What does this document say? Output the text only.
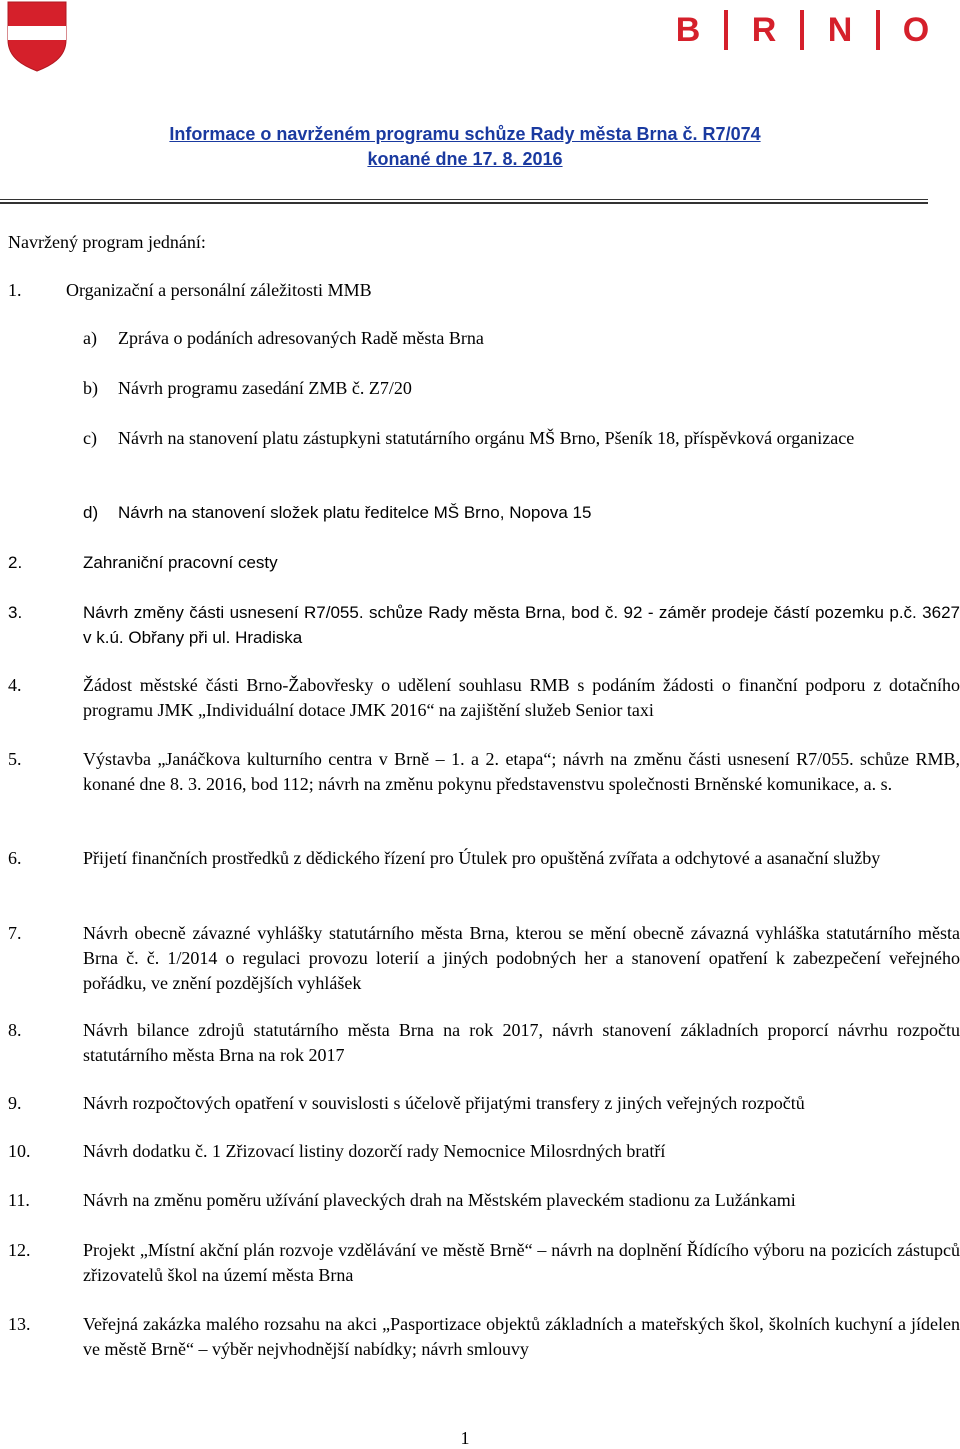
B R N O
Informace o navrženém programu schůze Rady města Brna č. R7/074
konané dne 17. 8. 2016
Navržený program jednání:
1. Organizační a personální záležitosti MMB
a) Zpráva o podáních adresovaných Radě města Brna
b) Návrh programu zasedání ZMB č. Z7/20
c) Návrh na stanovení platu zástupkyni statutárního orgánu MŠ Brno, Pšeník 18, příspěvková organizace
d) Návrh na stanovení složek platu ředitelce MŠ Brno, Nopova 15
2.	Zahraniční pracovní cesty
3.	Návrh změny části usnesení R7/055. schůze Rady města Brna, bod č. 92 - záměr prodeje částí pozemku p.č. 3627 v k.ú. Obřany při ul. Hradiska
4.	Žádost městské části Brno-Žabovřesky o udělení souhlasu RMB s podáním žádosti o finanční podporu z dotačního programu JMK „Individuální dotace JMK 2016“ na zajištění služeb Senior taxi
5.	Výstavba „Janáčkova kulturního centra v Brně – 1. a 2. etapa“; návrh na změnu části usnesení R7/055. schůze RMB, konané dne 8. 3. 2016, bod 112; návrh na změnu pokynu představenstvu společnosti Brněnské komunikace, a. s.
6.	Přijetí finančních prostředků z dědického řízení pro Útulek pro opuštěná zvířata a odchytové a asanační služby
7.	Návrh obecně závazné vyhlášky statutárního města Brna, kterou se mění obecně závazná vyhláška statutárního města Brna č. č. 1/2014 o regulaci provozu loterií a jiných podobných her a stanovení opatření k zabezpečení veřejného pořádku, ve znění pozdějších vyhlášek
8.	Návrh bilance zdrojů statutárního města Brna na rok 2017, návrh stanovení základních proporcí návrhu rozpočtu statutárního města Brna na rok 2017
9.	Návrh rozpočtových opatření v souvislosti s účelově přijatými transfery z jiných veřejných rozpočtů
10.	Návrh dodatku č. 1 Zřizovací listiny dozorčí rady Nemocnice Milosrdných bratří
11.	Návrh na změnu poměru užívání plaveckých drah na Městském plaveckém stadionu za Lužánkami
12.	Projekt „Místní akční plán rozvoje vzdělávání ve městě Brně“ – návrh na doplnění Řídícího výboru na pozicích zástupců zřizovatelů škol na území města Brna
13.	Veřejná zakázka malého rozsahu na akci „Pasportizace objektů základních a mateřských škol, školních kuchyní a jídelen ve městě Brně“ – výběr nejvhodnější nabídky; návrh smlouvy
1
